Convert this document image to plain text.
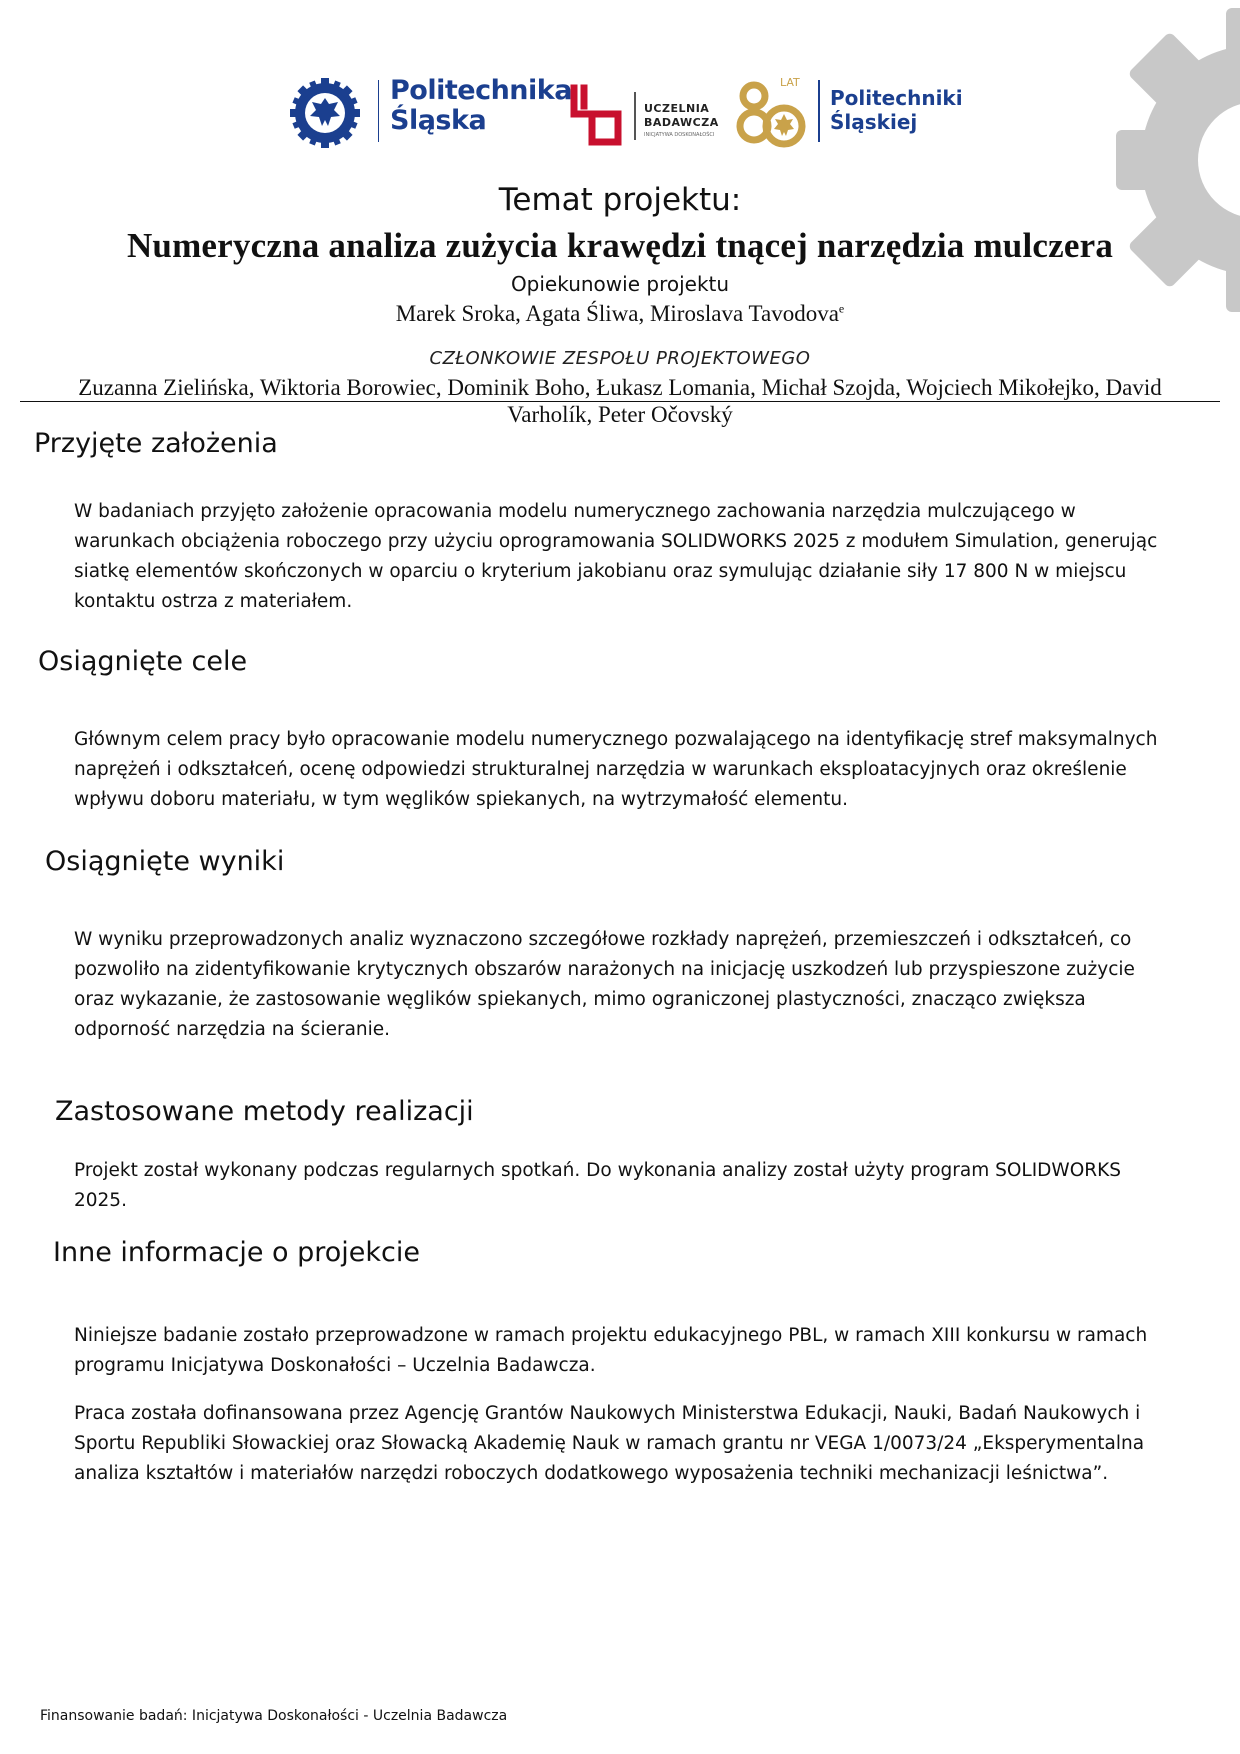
Politechnika
Śląska	UCZELNIA
BADAWCZA
INICJATYWA DOSKONAŁOŚCI
LAT
Politechniki
Śląskiej
Temat projektu:
Numeryczna analiza zużycia krawędzi tnącej narzędzia mulczera
Opiekunowie projektu
Marek Sroka, Agata Śliwa, Miroslava Tavodova$^e$
CZŁONKOWIE ZESPOŁU PROJEKTOWEGO
Zuzanna Zielińska, Wiktoria Borowiec, Dominik Boho, Łukasz Lomania, Michał Szojda, Wojciech Mikołejko, David
Varholík, Peter Očovský
Przyjęte założenia

W badaniach przyjęto założenie opracowania modelu numerycznego zachowania narzędzia mulczującego w warunkach obciążenia roboczego przy użyciu oprogramowania SOLIDWORKS 2025 z modułem Simulation, generując siatkę elementów skończonych w oparciu o kryterium jakobianu oraz symulując działanie siły 17 800 N w miejscu kontaktu ostrza z materiałem.

Osiągnięte cele

Głównym celem pracy było opracowanie modelu numerycznego pozwalającego na identyfikację stref maksymalnych naprężeń i odkształceń, ocenę odpowiedzi strukturalnej narzędzia w warunkach eksploatacyjnych oraz określenie wpływu doboru materiału, w tym węglików spiekanych, na wytrzymałość elementu.

Osiągnięte wyniki

W wyniku przeprowadzonych analiz wyznaczono szczegółowe rozkłady naprężeń, przemieszczeń i odkształceń, co pozwoliło na zidentyfikowanie krytycznych obszarów narażonych na inicjację uszkodzeń lub przyspieszone zużycie oraz wykazanie, że zastosowanie węglików spiekanych, mimo ograniczonej plastyczności, znacząco zwiększa odporność narzędzia na ścieranie.

Zastosowane metody realizacji

Projekt został wykonany podczas regularnych spotkań. Do wykonania analizy został użyty program SOLIDWORKS 2025.

Inne informacje o projekcie

Niniejsze badanie zostało przeprowadzone w ramach projektu edukacyjnego PBL, w ramach XIII konkursu w ramach programu Inicjatywa Doskonałości – Uczelnia Badawcza.

Praca została dofinansowana przez Agencję Grantów Naukowych Ministerstwa Edukacji, Nauki, Badań Naukowych i Sportu Republiki Słowackiej oraz Słowacką Akademię Nauk w ramach grantu nr VEGA 1/0073/24 „Eksperymentalna analiza kształtów i materiałów narzędzi roboczych dodatkowego wyposażenia techniki mechanizacji leśnictwa”.

Finansowanie badań: Inicjatywa Doskonałości - Uczelnia Badawcza
